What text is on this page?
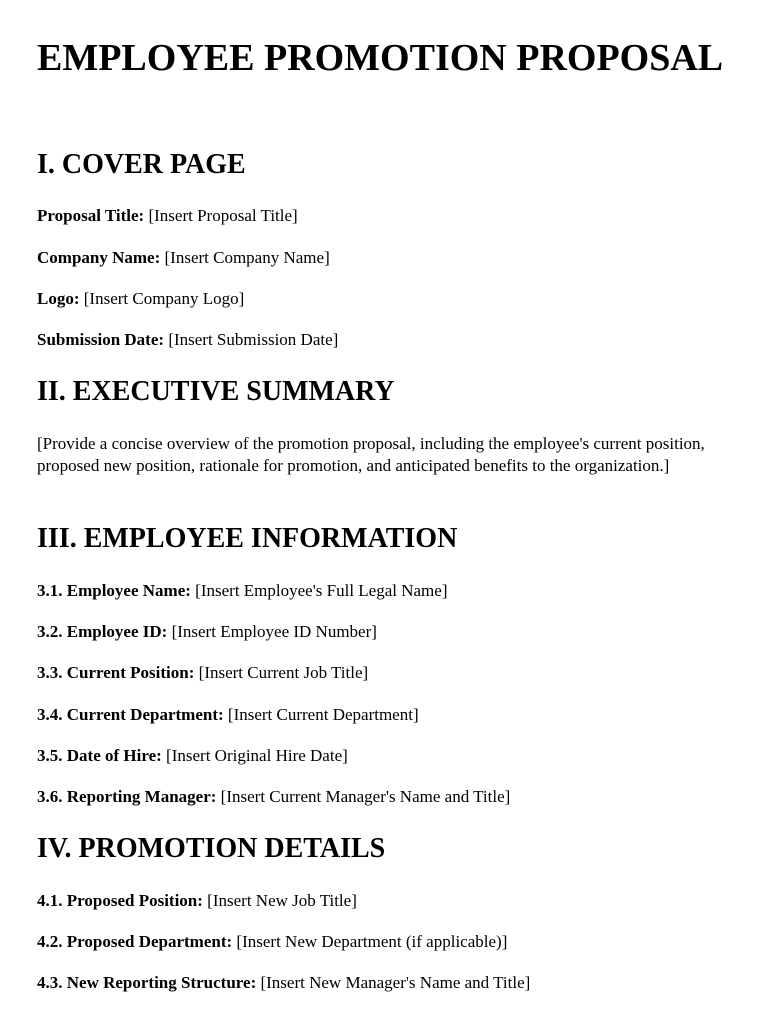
EMPLOYEE PROMOTION PROPOSAL
I. COVER PAGE
Proposal Title: [Insert Proposal Title]
Company Name: [Insert Company Name]
Logo: [Insert Company Logo]
Submission Date: [Insert Submission Date]
II. EXECUTIVE SUMMARY

[Provide a concise overview of the promotion proposal, including the employee's current position, proposed new position, rationale for promotion, and anticipated benefits to the organization.]

III. EMPLOYEE INFORMATION
3.1. Employee Name: [Insert Employee's Full Legal Name]
3.2. Employee ID: [Insert Employee ID Number]
3.3. Current Position: [Insert Current Job Title]
3.4. Current Department: [Insert Current Department]
3.5. Date of Hire: [Insert Original Hire Date]
3.6. Reporting Manager: [Insert Current Manager's Name and Title]
IV. PROMOTION DETAILS
4.1. Proposed Position: [Insert New Job Title]
4.2. Proposed Department: [Insert New Department (if applicable)]
4.3. New Reporting Structure: [Insert New Manager's Name and Title]
